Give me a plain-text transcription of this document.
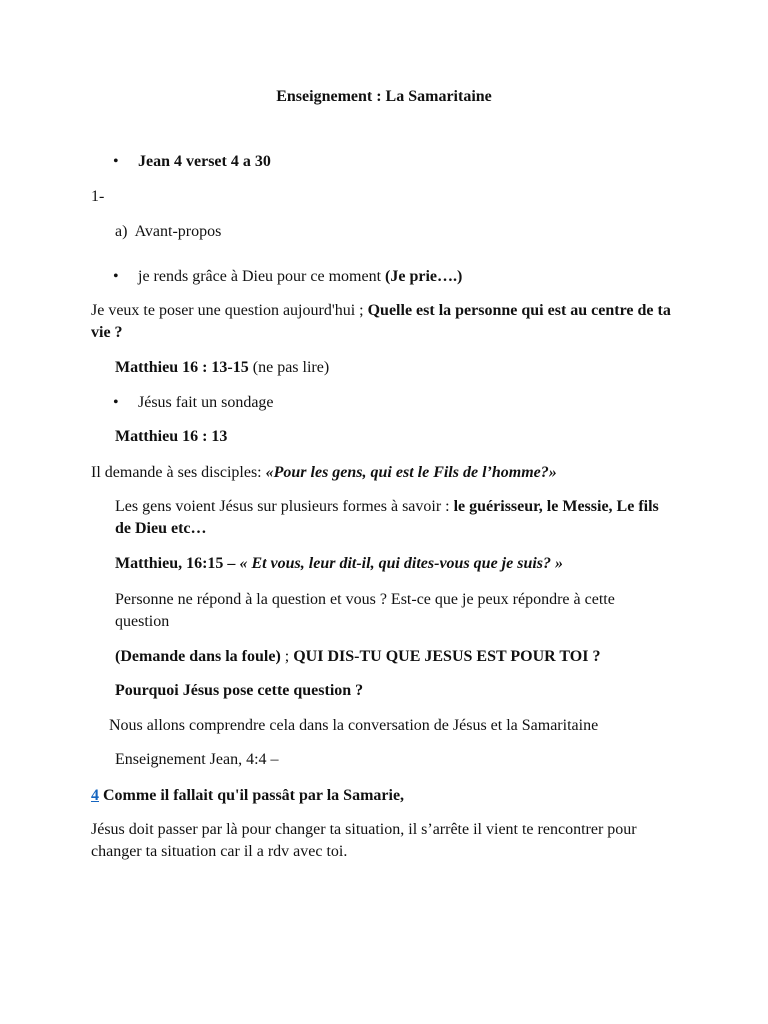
Enseignement : La Samaritaine
• Jean 4 verset 4 a 30
1-
a) Avant-propos
• je rends grâce à Dieu pour ce moment (Je prie….)
Je veux te poser une question aujourd'hui ; Quelle est la personne qui est au centre de ta vie ?
Matthieu 16 : 13-15 (ne pas lire)
• Jésus fait un sondage
Matthieu 16 : 13
Il demande à ses disciples: «Pour les gens, qui est le Fils de l’homme?»
Les gens voient Jésus sur plusieurs formes à savoir : le guérisseur, le Messie, Le fils de Dieu etc…
Matthieu, 16:15 – « Et vous, leur dit-il, qui dites-vous que je suis? »
Personne ne répond à la question et vous ? Est-ce que je peux répondre à cette question
(Demande dans la foule) ; QUI DIS-TU QUE JESUS EST POUR TOI ?
Pourquoi Jésus pose cette question ?
Nous allons comprendre cela dans la conversation de Jésus et la Samaritaine
Enseignement Jean, 4:4 –
4 Comme il fallait qu'il passât par la Samarie,
Jésus doit passer par là pour changer ta situation, il s’arrête il vient te rencontrer pour changer ta situation car il a rdv avec toi.
